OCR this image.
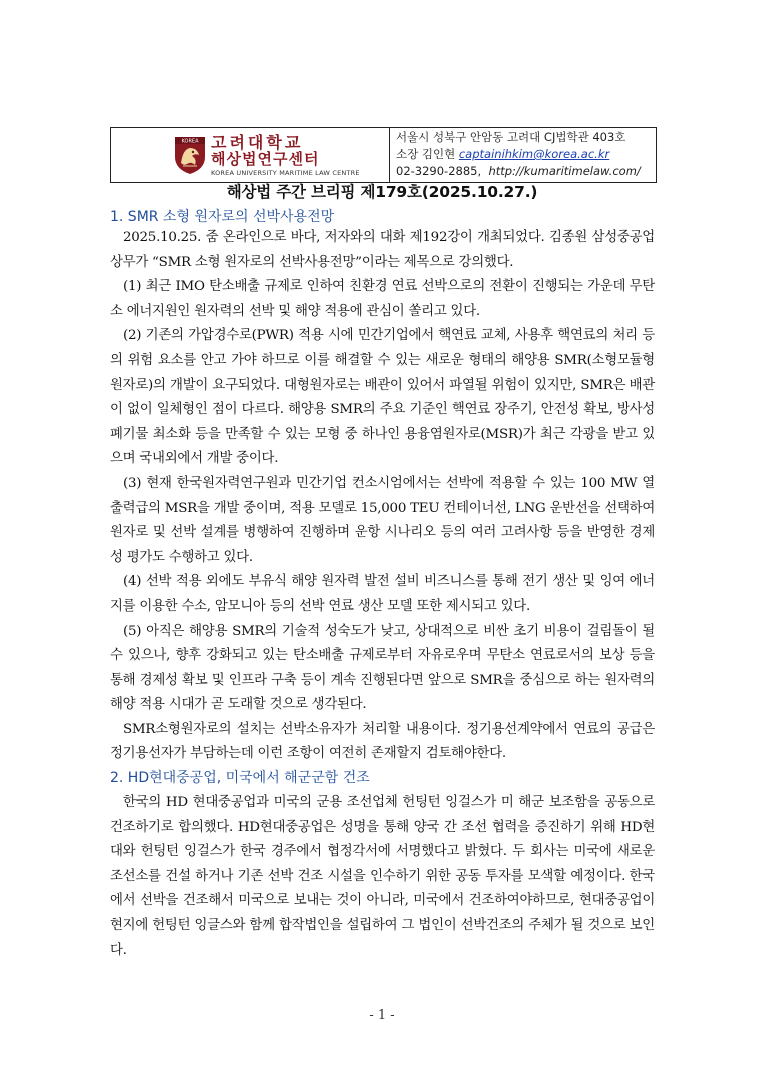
KOREA 고려대학교
해상법연구센터
KOREA UNIVERSITY MARITIME LAW CENTRE
서울시 성북구 안암동 고려대 CJ법학관 403호
소장 김인현 captainihkim@korea.ac.kr
02-3290-2885, http://kumaritimelaw.com/
해상법 주간 브리핑 제179호(2025.10.27.)
1. SMR 소형 원자로의 선박사용전망
2025.10.25. 줌 온라인으로 바다, 저자와의 대화 제192강이 개최되었다. 김종원 삼성중공업 상무가 “SMR 소형 원자로의 선박사용전망”이라는 제목으로 강의했다.
(1) 최근 IMO 탄소배출 규제로 인하여 친환경 연료 선박으로의 전환이 진행되는 가운데 무탄소 에너지원인 원자력의 선박 및 해양 적용에 관심이 쏠리고 있다.
(2) 기존의 가압경수로(PWR) 적용 시에 민간기업에서 핵연료 교체, 사용후 핵연료의 처리 등의 위험 요소를 안고 가야 하므로 이를 해결할 수 있는 새로운 형태의 해양용 SMR(소형모듈형원자로)의 개발이 요구되었다. 대형원자로는 배관이 있어서 파열될 위험이 있지만, SMR은 배관이 없이 일체형인 점이 다르다. 해양용 SMR의 주요 기준인 핵연료 장주기, 안전성 확보, 방사성폐기물 최소화 등을 만족할 수 있는 모형 중 하나인 용융염원자로(MSR)가 최근 각광을 받고 있으며 국내외에서 개발 중이다.
(3) 현재 한국원자력연구원과 민간기업 컨소시엄에서는 선박에 적용할 수 있는 100 MW 열출력급의 MSR을 개발 중이며, 적용 모델로 15,000 TEU 컨테이너선, LNG 운반선을 선택하여 원자로 및 선박 설계를 병행하여 진행하며 운항 시나리오 등의 여러 고려사항 등을 반영한 경제성 평가도 수행하고 있다.
(4) 선박 적용 외에도 부유식 해양 원자력 발전 설비 비즈니스를 통해 전기 생산 및 잉여 에너지를 이용한 수소, 암모니아 등의 선박 연료 생산 모델 또한 제시되고 있다.
(5) 아직은 해양용 SMR의 기술적 성숙도가 낮고, 상대적으로 비싼 초기 비용이 걸림돌이 될 수 있으나, 향후 강화되고 있는 탄소배출 규제로부터 자유로우며 무탄소 연료로서의 보상 등을 통해 경제성 확보 및 인프라 구축 등이 계속 진행된다면 앞으로 SMR을 중심으로 하는 원자력의 해양 적용 시대가 곧 도래할 것으로 생각된다.
SMR소형원자로의 설치는 선박소유자가 처리할 내용이다. 정기용선계약에서 연료의 공급은 정기용선자가 부담하는데 이런 조항이 여전히 존재할지 검토해야한다.
2. HD현대중공업, 미국에서 해군군함 건조
한국의 HD 현대중공업과 미국의 군용 조선업체 헌팅턴 잉걸스가 미 해군 보조함을 공동으로 건조하기로 합의했다. HD현대중공업은 성명을 통해 양국 간 조선 협력을 증진하기 위해 HD현대와 헌팅턴 잉걸스가 한국 경주에서 협정각서에 서명했다고 밝혔다. 두 회사는 미국에 새로운 조선소를 건설 하거나 기존 선박 건조 시설을 인수하기 위한 공동 투자를 모색할 예정이다. 한국에서 선박을 건조해서 미국으로 보내는 것이 아니라, 미국에서 건조하여야하므로, 현대중공업이 현지에 헌팅턴 잉글스와 함께 합작법인을 설립하여 그 법인이 선박건조의 주체가 될 것으로 보인다.
- 1 -
